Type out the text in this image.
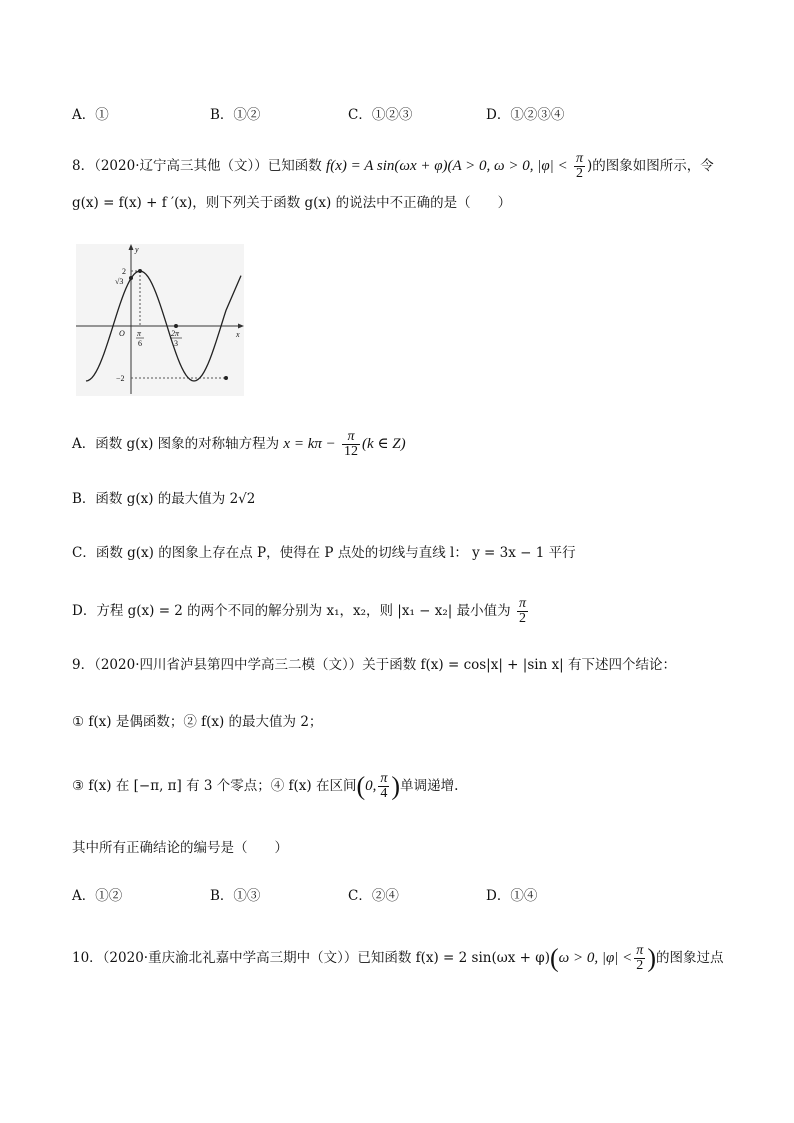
A．①	B．①②	C．①②③	D．①②③④
8．（2020·辽宁高三其他（文））已知函数 f(x) = A sin(ωx + φ)(A > 0, ω > 0, $|\varphi| < \frac{\pi}{2}$ )的图象如图所示，令
g(x) = f(x) + f ′(x)，则下列关于函数 g(x) 的说法中不正确的是（　　）
y
x
O
2
√3
−2
π
6
2π
3
A．函数 g(x) 图象的对称轴方程为 $x = k\pi - \frac{\pi}{12} (k$ ∈ Z)
B．函数 g(x) 的最大值为 2√2
C．函数 g(x) 的图象上存在点 P，使得在 P 点处的切线与直线 l： y = 3x − 1 平行
D．方程 g(x) = 2 的两个不同的解分别为 x₁，x₂，则 |x₁ − x₂| 最小值为 $\frac{\pi}{2}$
9．（2020·四川省泸县第四中学高三二模（文））关于函数 f(x) = cos|x| + |sin x| 有下述四个结论：
① f(x) 是偶函数；② f(x) 的最大值为 2；
③ f(x) 在 [−π, π] 有 3 个零点；④ f(x) 在区间(0, $\frac{\pi}{4}$ )单调递增.
其中所有正确结论的编号是（　　）
A．①②	B．①③	C．②④	D．①④
10．（2020·重庆渝北礼嘉中学高三期中（文））已知函数 f(x) = 2 sin(ωx + φ)(ω > 0, $|\varphi| < \frac{\pi}{2}$ )的图象过点
